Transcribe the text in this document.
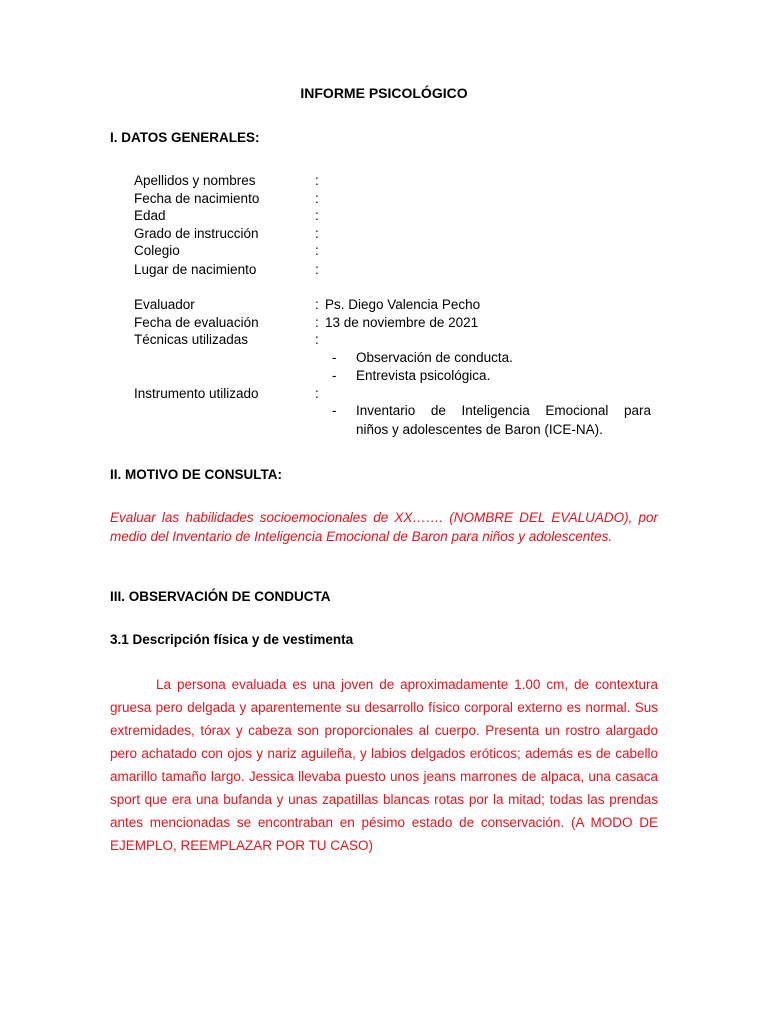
INFORME PSICOLÓGICO
I. DATOS GENERALES:
Apellidos y nombres	:
Fecha de nacimiento	:
Edad	:
Grado de instrucción	:
Colegio	:
Lugar de nacimiento	:
Evaluador	: Ps. Diego Valencia Pecho
Fecha de evaluación	: 13 de noviembre de 2021
Técnicas utilizadas	:
- Observación de conducta.
- Entrevista psicológica.
Instrumento utilizado	:
- Inventario de Inteligencia Emocional para
niños y adolescentes de Baron (ICE-NA).
II. MOTIVO DE CONSULTA:
Evaluar las habilidades socioemocionales de XX……. (NOMBRE DEL EVALUADO), por medio del Inventario de Inteligencia Emocional de Baron para niños y adolescentes.
III. OBSERVACIÓN DE CONDUCTA
3.1 Descripción física y de vestimenta
La persona evaluada es una joven de aproximadamente 1.00 cm, de contextura gruesa pero delgada y aparentemente su desarrollo físico corporal externo es normal. Sus extremidades, tórax y cabeza son proporcionales al cuerpo. Presenta un rostro alargado pero achatado con ojos y nariz aguileña, y labios delgados eróticos; además es de cabello amarillo tamaño largo. Jessica llevaba puesto unos jeans marrones de alpaca, una casaca sport que era una bufanda y unas zapatillas blancas rotas por la mitad; todas las prendas antes mencionadas se encontraban en pésimo estado de conservación. (A MODO DE EJEMPLO, REEMPLAZAR POR TU CASO)
